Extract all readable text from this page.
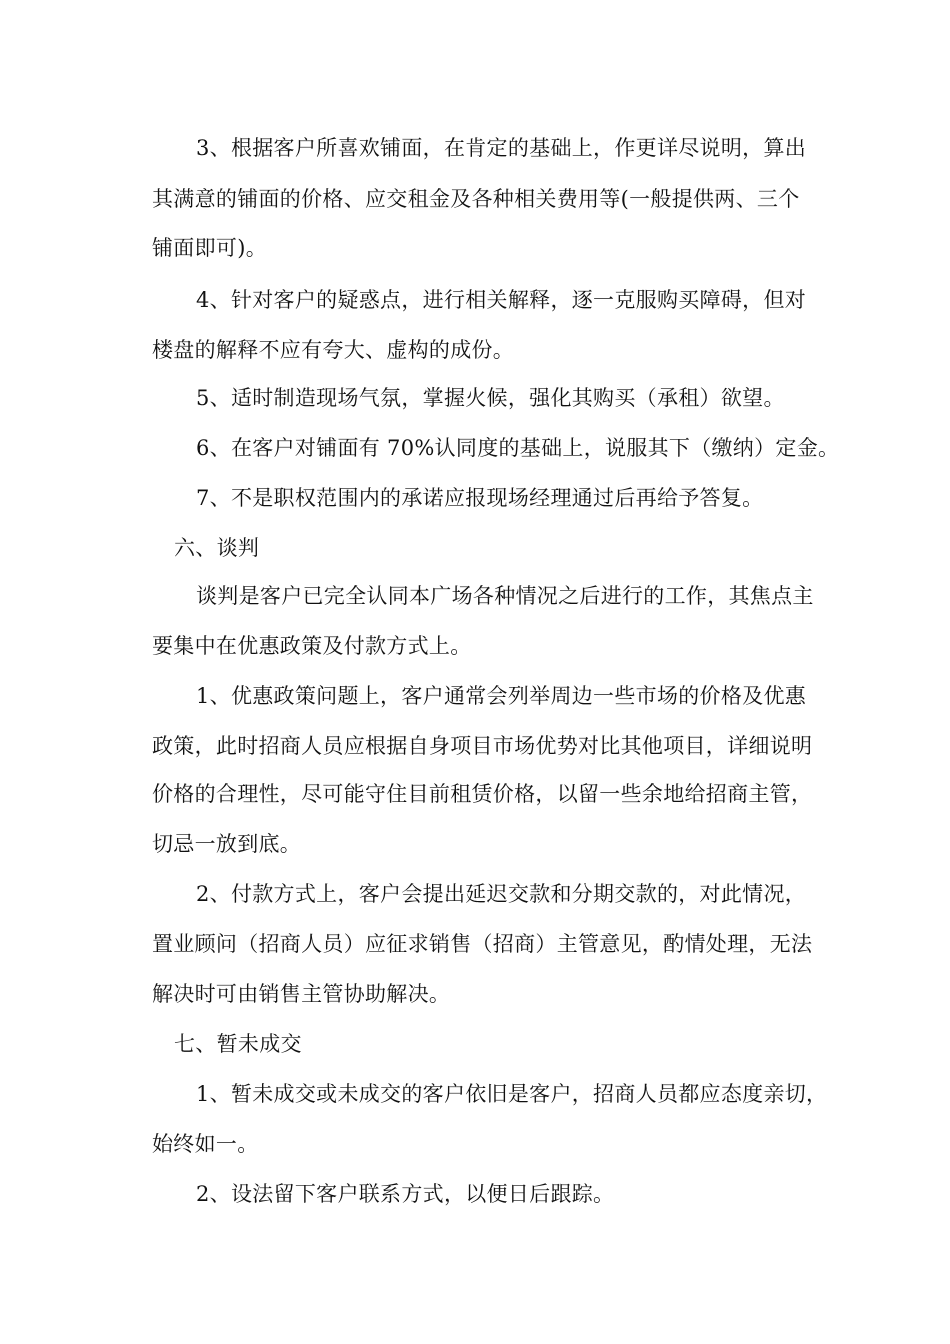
3、根据客户所喜欢铺面，在肯定的基础上，作更详尽说明，算出
其满意的铺面的价格、应交租金及各种相关费用等(一般提供两、三个
铺面即可)。
4、针对客户的疑惑点，进行相关解释，逐一克服购买障碍，但对
楼盘的解释不应有夸大、虚构的成份。
5、适时制造现场气氛，掌握火候，强化其购买（承租）欲望。
6、在客户对铺面有 70%认同度的基础上，说服其下（缴纳）定金。
7、不是职权范围内的承诺应报现场经理通过后再给予答复。
六、谈判
谈判是客户已完全认同本广场各种情况之后进行的工作，其焦点主
要集中在优惠政策及付款方式上。
1、优惠政策问题上，客户通常会列举周边一些市场的价格及优惠
政策，此时招商人员应根据自身项目市场优势对比其他项目，详细说明
价格的合理性，尽可能守住目前租赁价格，以留一些余地给招商主管，
切忌一放到底。
2、付款方式上，客户会提出延迟交款和分期交款的，对此情况，
置业顾问（招商人员）应征求销售（招商）主管意见，酌情处理，无法
解决时可由销售主管协助解决。
七、暂未成交
1、暂未成交或未成交的客户依旧是客户，招商人员都应态度亲切，
始终如一。
2、设法留下客户联系方式，以便日后跟踪。
